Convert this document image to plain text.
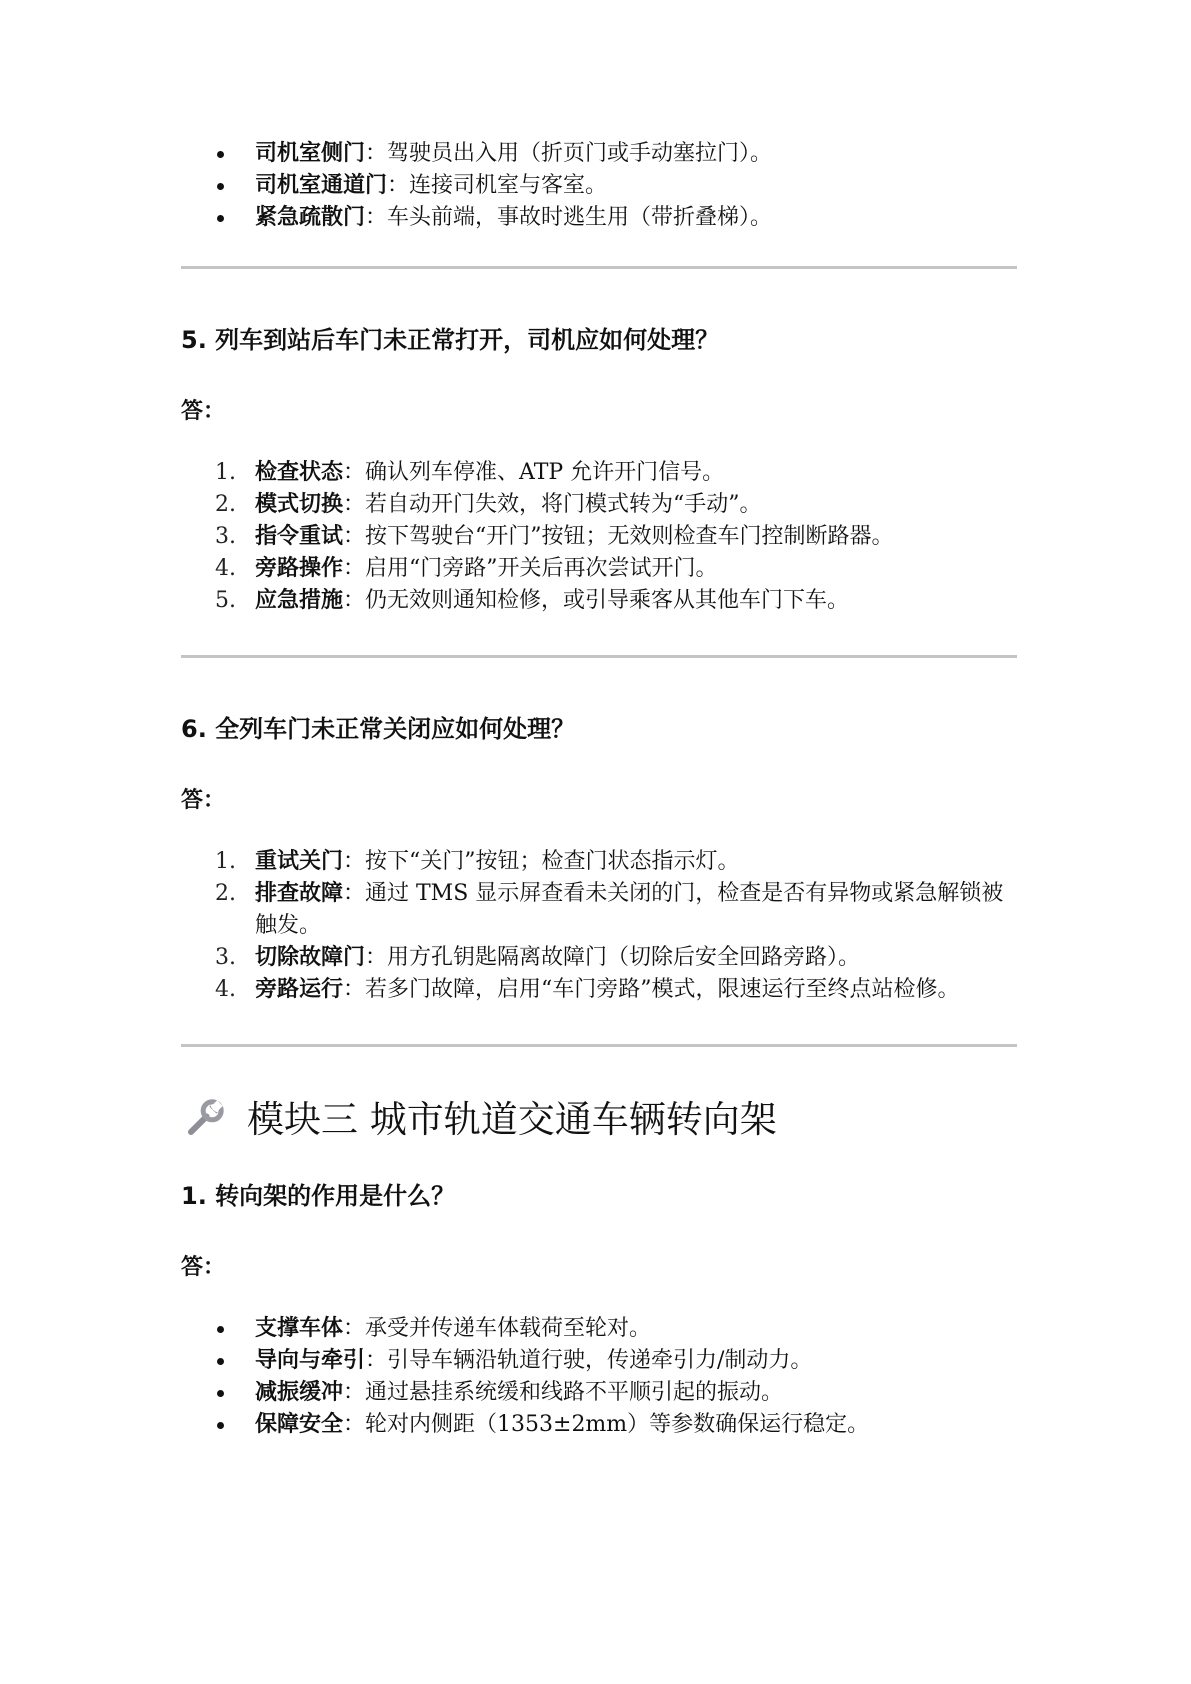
司机室侧门：驾驶员出入用（折页门或手动塞拉门）。
司机室通道门：连接司机室与客室。
紧急疏散门：车头前端，事故时逃生用（带折叠梯）。
5. 列车到站后车门未正常打开，司机应如何处理？
答：
1. 检查状态：确认列车停准、ATP 允许开门信号。
2. 模式切换：若自动开门失效，将门模式转为“手动”。
3. 指令重试：按下驾驶台“开门”按钮；无效则检查车门控制断路器。
4. 旁路操作：启用“门旁路”开关后再次尝试开门。
5. 应急措施：仍无效则通知检修，或引导乘客从其他车门下车。
6. 全列车门未正常关闭应如何处理？
答：
1. 重试关门：按下“关门”按钮；检查门状态指示灯。
2. 排查故障：通过 TMS 显示屏查看未关闭的门，检查是否有异物或紧急解锁被触发。
3. 切除故障门：用方孔钥匙隔离故障门（切除后安全回路旁路）。
4. 旁路运行：若多门故障，启用“车门旁路”模式，限速运行至终点站检修。
模块三 城市轨道交通车辆转向架
1. 转向架的作用是什么？
答：
支撑车体：承受并传递车体载荷至轮对。
导向与牵引：引导车辆沿轨道行驶，传递牵引力/制动力。
减振缓冲：通过悬挂系统缓和线路不平顺引起的振动。
保障安全：轮对内侧距（1353±2mm）等参数确保运行稳定。
